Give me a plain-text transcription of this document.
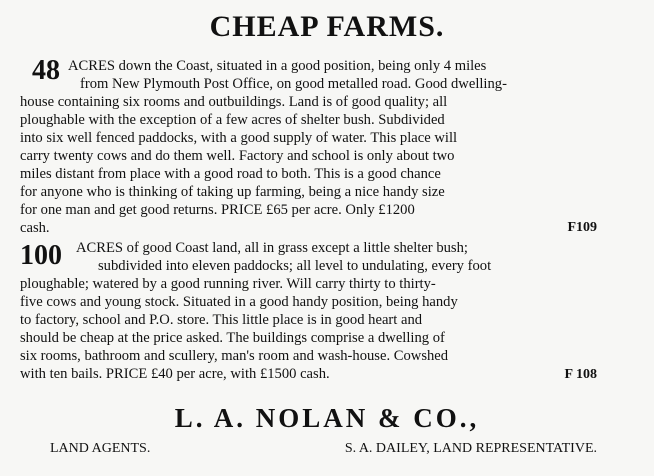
CHEAP FARMS.
48 ACRES down the Coast, situated in a good position, being only 4 miles
from New Plymouth Post Office, on good metalled road. Good dwelling-
house containing six rooms and outbuildings. Land is of good quality; all
ploughable with the exception of a few acres of shelter bush. Subdivided
into six well fenced paddocks, with a good supply of water. This place will
carry twenty cows and do them well. Factory and school is only about two
miles distant from place with a good road to both. This is a good chance
for anyone who is thinking of taking up farming, being a nice handy size
for one man and get good returns. PRICE £65 per acre. Only £1200
cash.	F109
100 ACRES of good Coast land, all in grass except a little shelter bush;
subdivided into eleven paddocks; all level to undulating, every foot
ploughable; watered by a good running river. Will carry thirty to thirty-
five cows and young stock. Situated in a good handy position, being handy
to factory, school and P.O. store. This little place is in good heart and
should be cheap at the price asked. The buildings comprise a dwelling of
six rooms, bathroom and scullery, man's room and wash-house. Cowshed
with ten bails. PRICE £40 per acre, with £1500 cash.	F 108
L. A. NOLAN & CO.,
LAND AGENTS.	S. A. DAILEY, LAND REPRESENTATIVE.
